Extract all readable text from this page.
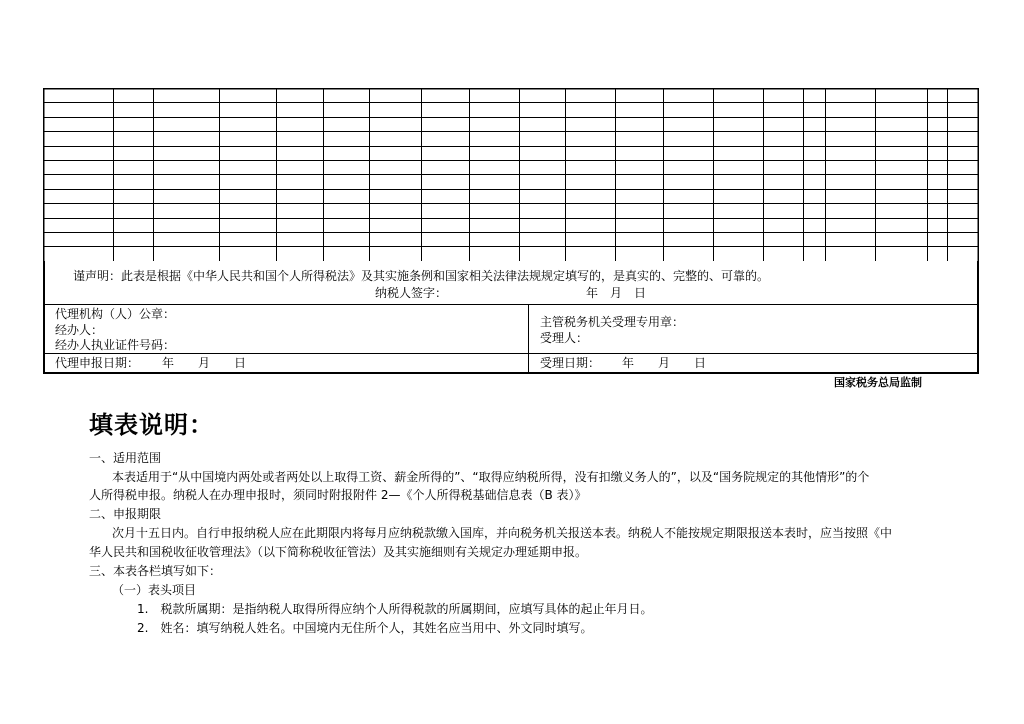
谨声明：此表是根据《中华人民共和国个人所得税法》及其实施条例和国家相关法律法规规定填写的，是真实的、完整的、可靠的。
纳税人签字：	年　月　日
代理机构（人）公章：
经办人：
经办人执业证件号码：
代理申报日期： 年　　月　　日
主管税务机关受理专用章：
受理人：
受理日期： 年　　月　　日
国家税务总局监制
填表说明：
一、适用范围
本表适用于“从中国境内两处或者两处以上取得工资、薪金所得的”、“取得应纳税所得，没有扣缴义务人的”，以及“国务院规定的其他情形”的个
人所得税申报。纳税人在办理申报时，须同时附报附件 2—《个人所得税基础信息表（B 表）》
二、申报期限
次月十五日内。自行申报纳税人应在此期限内将每月应纳税款缴入国库，并向税务机关报送本表。纳税人不能按规定期限报送本表时，应当按照《中
华人民共和国税收征收管理法》（以下简称税收征管法）及其实施细则有关规定办理延期申报。
三、本表各栏填写如下：
（一）表头项目
1.　税款所属期：是指纳税人取得所得应纳个人所得税款的所属期间，应填写具体的起止年月日。
2.　姓名：填写纳税人姓名。中国境内无住所个人，其姓名应当用中、外文同时填写。
